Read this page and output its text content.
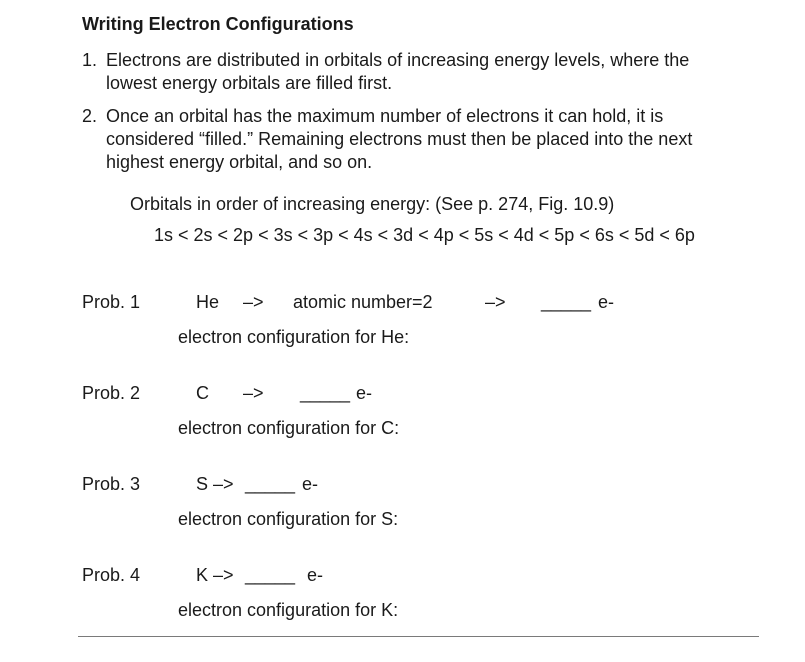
Writing Electron Configurations
1. Electrons are distributed in orbitals of increasing energy levels, where the
lowest energy orbitals are filled first.
2. Once an orbital has the maximum number of electrons it can hold, it is
considered “filled.” Remaining electrons must then be placed into the next
highest energy orbital, and so on.
Orbitals in order of increasing energy: (See p. 274, Fig. 10.9)
1s < 2s < 2p < 3s < 3p < 4s < 3d < 4p < 5s < 4d < 5p < 6s < 5d < 6p
Prob. 1	He –> atomic number=2	–> _____ e-
electron configuration for He:
Prob. 2	C –> _____ e-
electron configuration for C:
Prob. 3	S –> _____ e-
electron configuration for S:
Prob. 4	K –> _____ e-
electron configuration for K:
